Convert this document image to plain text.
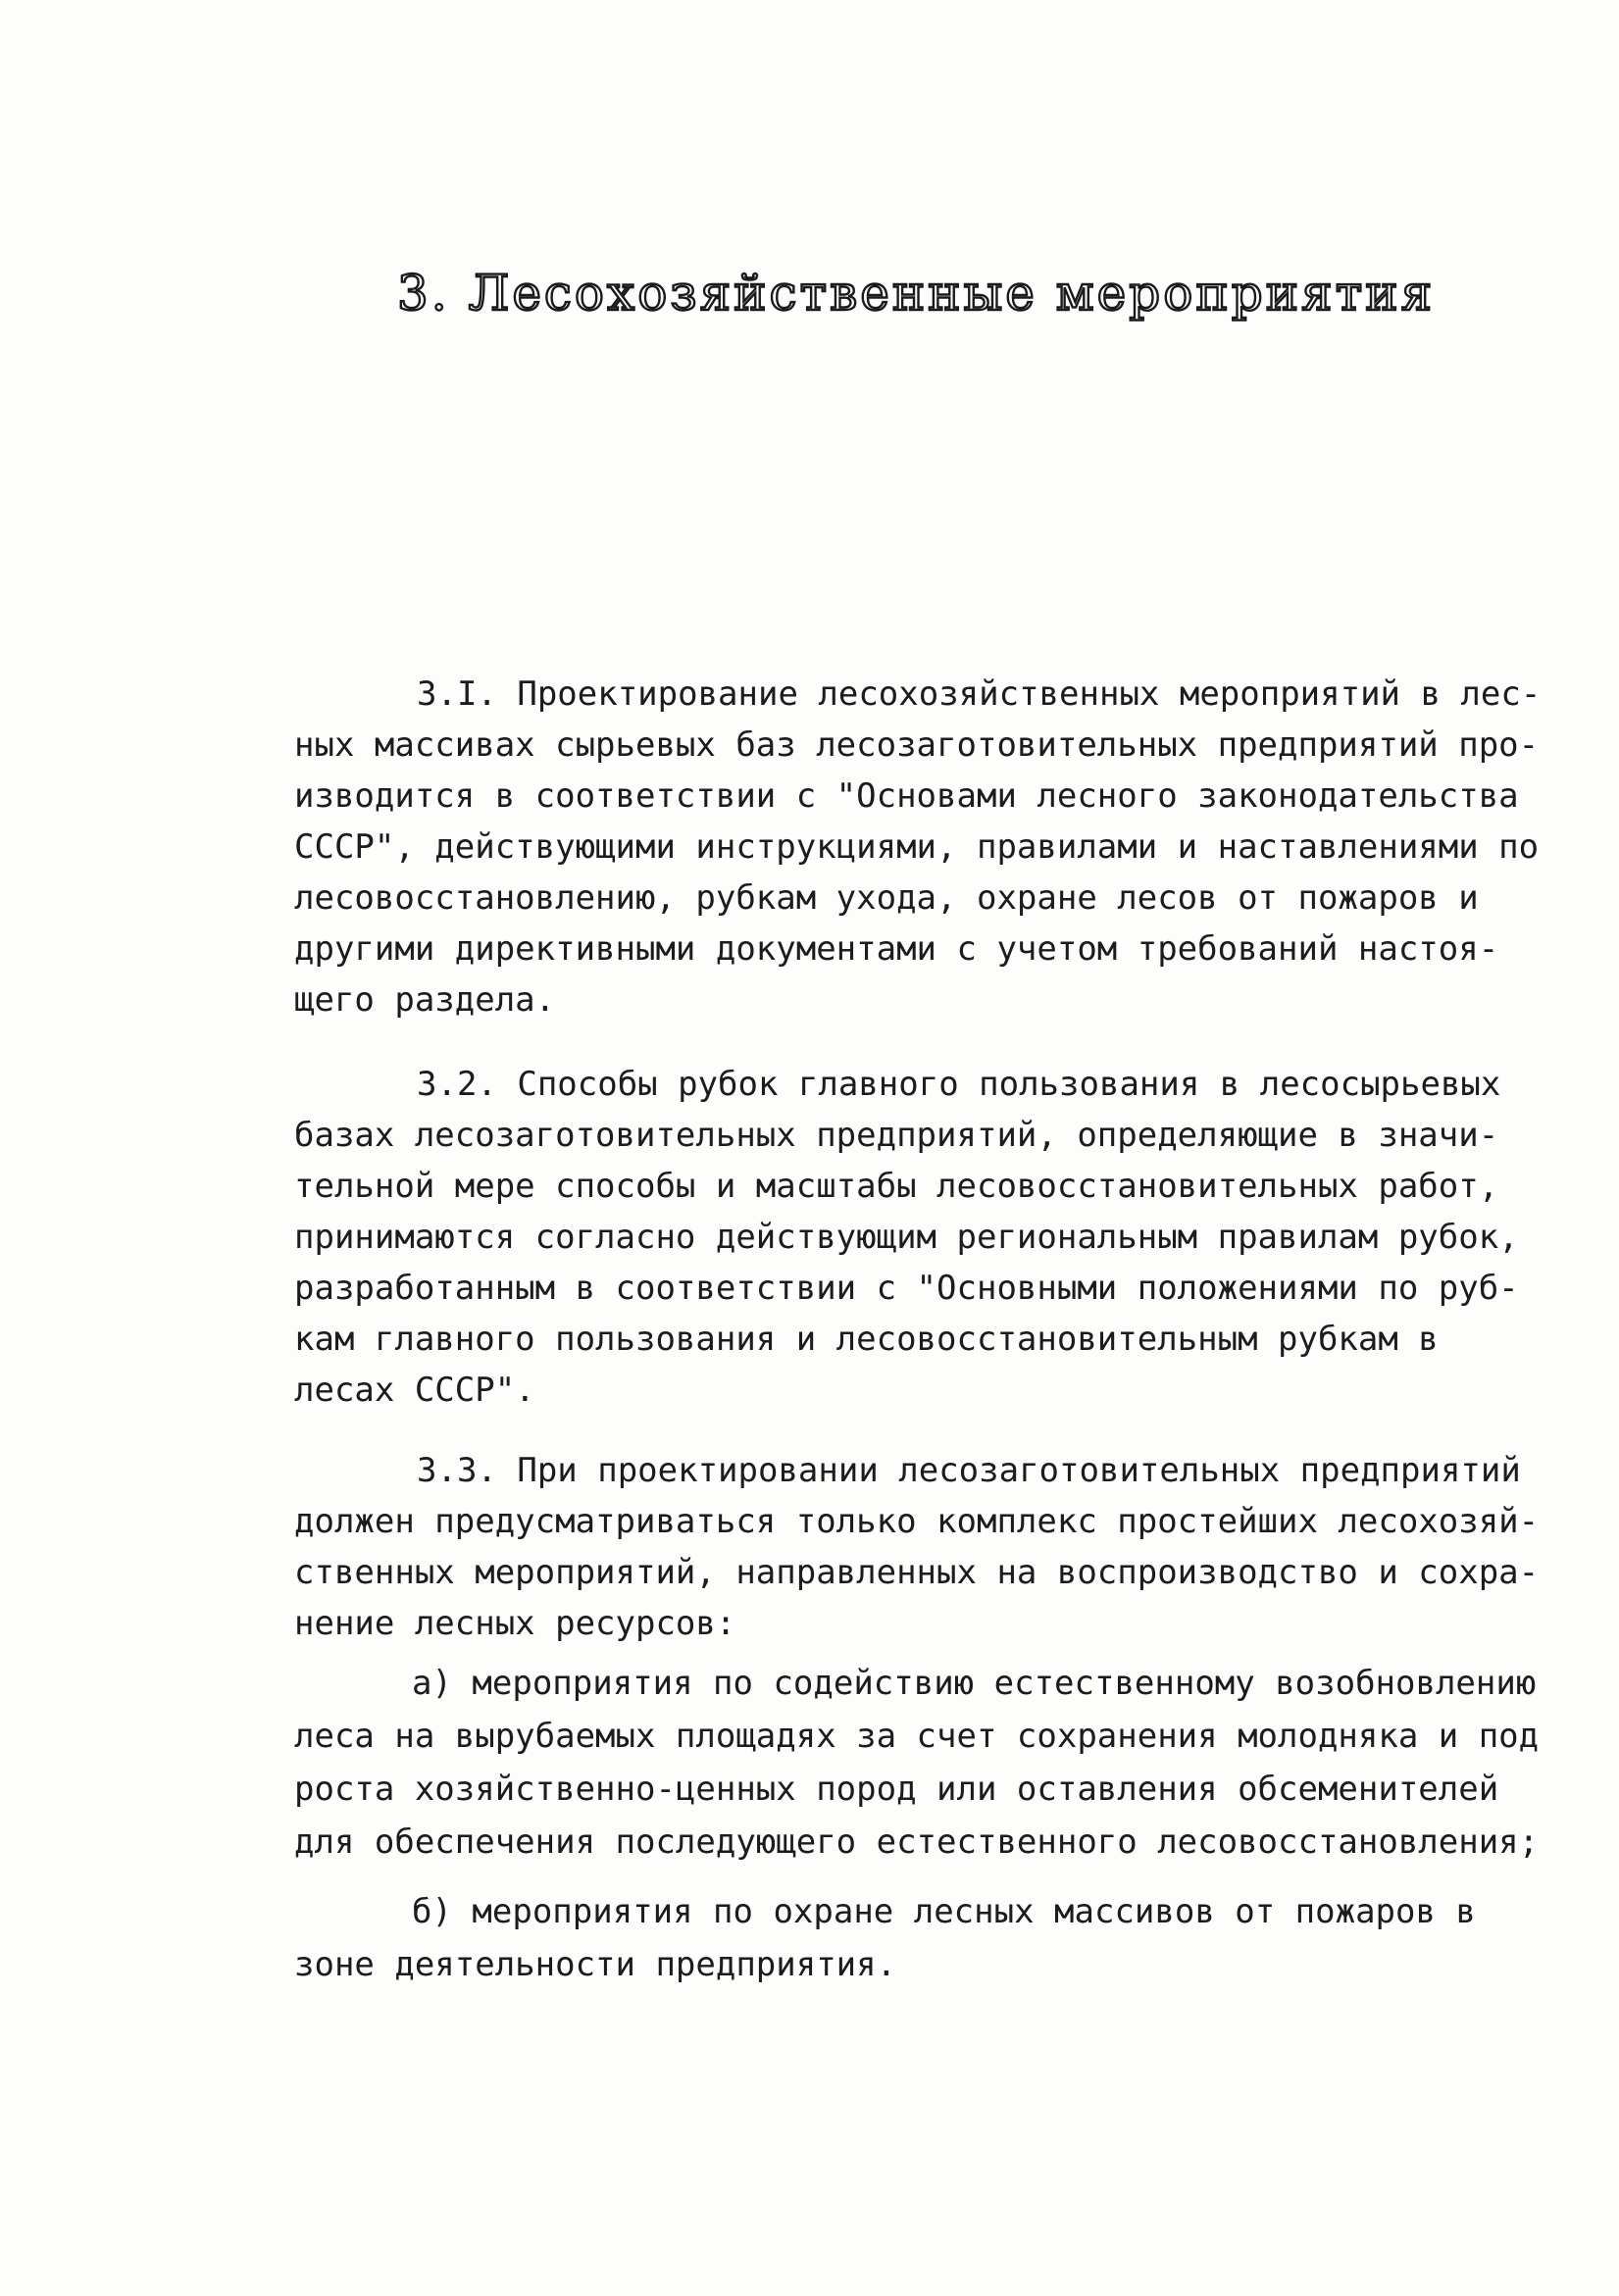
3. Лесохозяйственные мероприятия
3.I. Проектирование лесохозяйственных мероприятий в лес-
ных массивах сырьевых баз лесозаготовительных предприятий про-
изводится в соответствии с "Основами лесного законодательства
СССР", действующими инструкциями, правилами и наставлениями по
лесовосстановлению, рубкам ухода, охране лесов от пожаров и
другими директивными документами с учетом требований настоя-
щего раздела.
3.2. Способы рубок главного пользования в лесосырьевых
базах лесозаготовительных предприятий, определяющие в значи-
тельной мере способы и масштабы лесовосстановительных работ,
принимаются согласно действующим региональным правилам рубок,
разработанным в соответствии с "Основными положениями по руб-
кам главного пользования и лесовосстановительным рубкам в
лесах СССР".
3.3. При проектировании лесозаготовительных предприятий
должен предусматриваться только комплекс простейших лесохозяй-
ственных мероприятий, направленных на воспроизводство и сохра-
нение лесных ресурсов:
а) мероприятия по содействию естественному возобновлению
леса на вырубаемых площадях за счет сохранения молодняка и под
роста хозяйственно-ценных пород или оставления обсеменителей
для обеспечения последующего естественного лесовосстановления;
б) мероприятия по охране лесных массивов от пожаров в
зоне деятельности предприятия.
